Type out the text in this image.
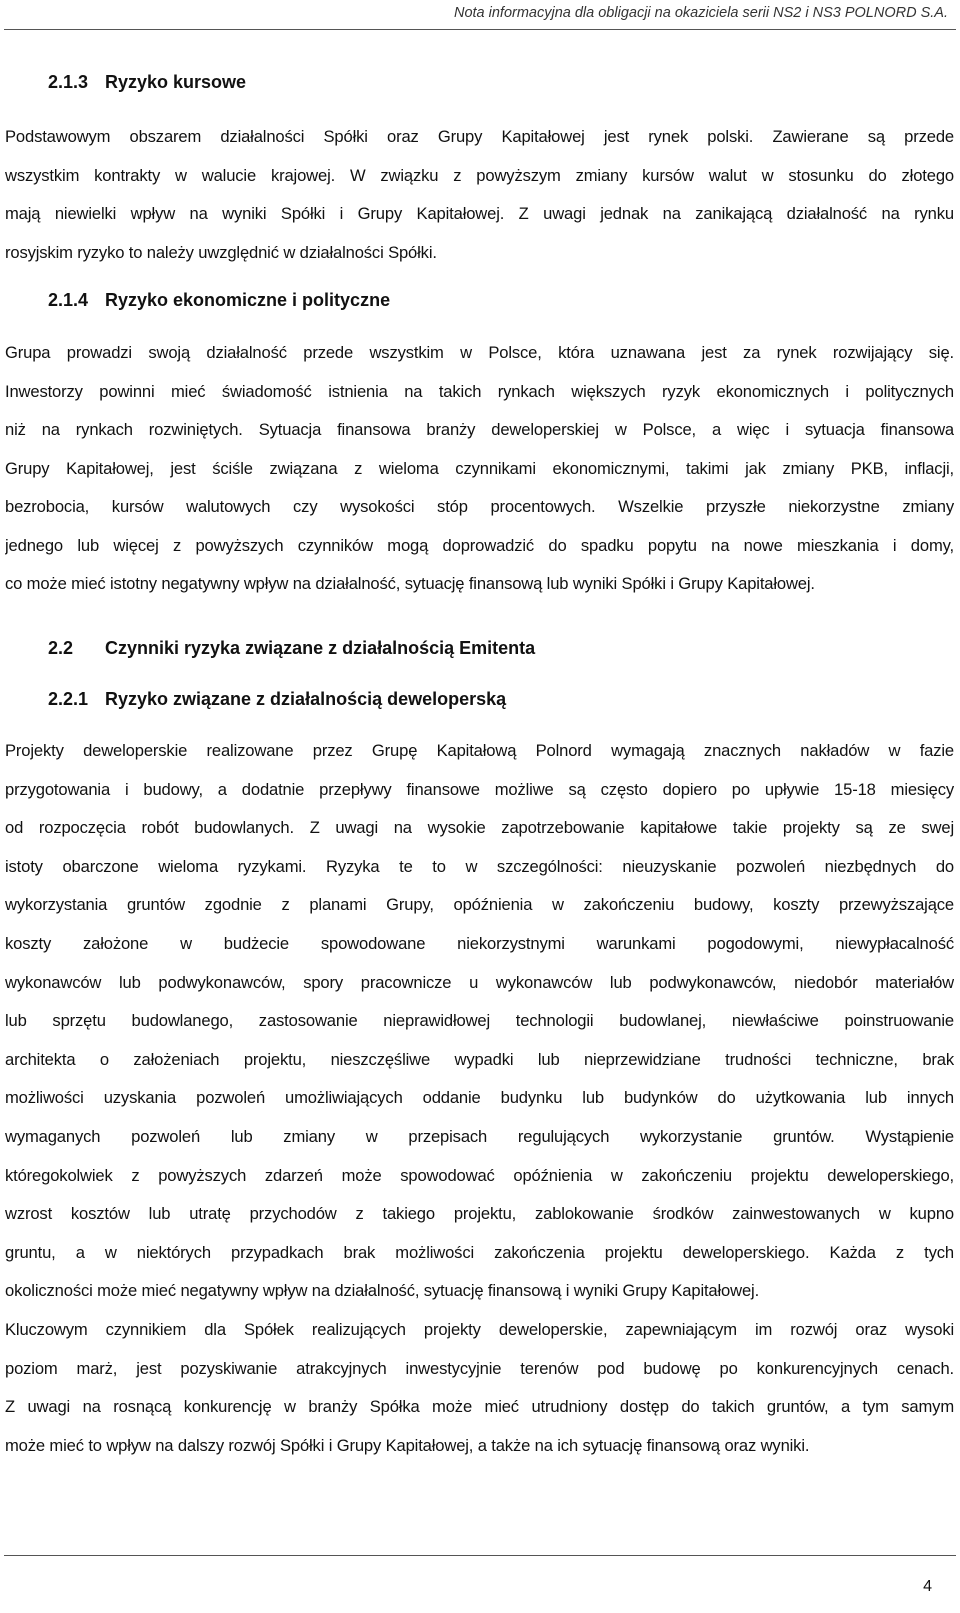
Nota informacyjna dla obligacji na okaziciela serii NS2 i NS3 POLNORD S.A.
2.1.3 Ryzyko kursowe
Podstawowym obszarem działalności Spółki oraz Grupy Kapitałowej jest rynek polski. Zawierane są przede
wszystkim kontrakty w walucie krajowej. W związku z powyższym zmiany kursów walut w stosunku do złotego
mają niewielki wpływ na wyniki Spółki i Grupy Kapitałowej. Z uwagi jednak na zanikającą działalność na rynku
rosyjskim ryzyko to należy uwzględnić w działalności Spółki.
2.1.4 Ryzyko ekonomiczne i polityczne
Grupa prowadzi swoją działalność przede wszystkim w Polsce, która uznawana jest za rynek rozwijający się.
Inwestorzy powinni mieć świadomość istnienia na takich rynkach większych ryzyk ekonomicznych i politycznych
niż na rynkach rozwiniętych. Sytuacja finansowa branży deweloperskiej w Polsce, a więc i sytuacja finansowa
Grupy Kapitałowej, jest ściśle związana z wieloma czynnikami ekonomicznymi, takimi jak zmiany PKB, inflacji,
bezrobocia, kursów walutowych czy wysokości stóp procentowych. Wszelkie przyszłe niekorzystne zmiany
jednego lub więcej z powyższych czynników mogą doprowadzić do spadku popytu na nowe mieszkania i domy,
co może mieć istotny negatywny wpływ na działalność, sytuację finansową lub wyniki Spółki i Grupy Kapitałowej.
2.2 Czynniki ryzyka związane z działalnością Emitenta
2.2.1 Ryzyko związane z działalnością deweloperską
Projekty deweloperskie realizowane przez Grupę Kapitałową Polnord wymagają znacznych nakładów w fazie
przygotowania i budowy, a dodatnie przepływy finansowe możliwe są często dopiero po upływie 15-18 miesięcy
od rozpoczęcia robót budowlanych. Z uwagi na wysokie zapotrzebowanie kapitałowe takie projekty są ze swej
istoty obarczone wieloma ryzykami. Ryzyka te to w szczególności: nieuzyskanie pozwoleń niezbędnych do
wykorzystania gruntów zgodnie z planami Grupy, opóźnienia w zakończeniu budowy, koszty przewyższające
koszty założone w budżecie spowodowane niekorzystnymi warunkami pogodowymi, niewypłacalność
wykonawców lub podwykonawców, spory pracownicze u wykonawców lub podwykonawców, niedobór materiałów
lub sprzętu budowlanego, zastosowanie nieprawidłowej technologii budowlanej, niewłaściwe poinstruowanie
architekta o założeniach projektu, nieszczęśliwe wypadki lub nieprzewidziane trudności techniczne, brak
możliwości uzyskania pozwoleń umożliwiających oddanie budynku lub budynków do użytkowania lub innych
wymaganych pozwoleń lub zmiany w przepisach regulujących wykorzystanie gruntów. Wystąpienie
któregokolwiek z powyższych zdarzeń może spowodować opóźnienia w zakończeniu projektu deweloperskiego,
wzrost kosztów lub utratę przychodów z takiego projektu, zablokowanie środków zainwestowanych w kupno
gruntu, a w niektórych przypadkach brak możliwości zakończenia projektu deweloperskiego. Każda z tych
okoliczności może mieć negatywny wpływ na działalność, sytuację finansową i wyniki Grupy Kapitałowej.
Kluczowym czynnikiem dla Spółek realizujących projekty deweloperskie, zapewniającym im rozwój oraz wysoki
poziom marż, jest pozyskiwanie atrakcyjnych inwestycyjnie terenów pod budowę po konkurencyjnych cenach.
Z uwagi na rosnącą konkurencję w branży Spółka może mieć utrudniony dostęp do takich gruntów, a tym samym
może mieć to wpływ na dalszy rozwój Spółki i Grupy Kapitałowej, a także na ich sytuację finansową oraz wyniki.
4
